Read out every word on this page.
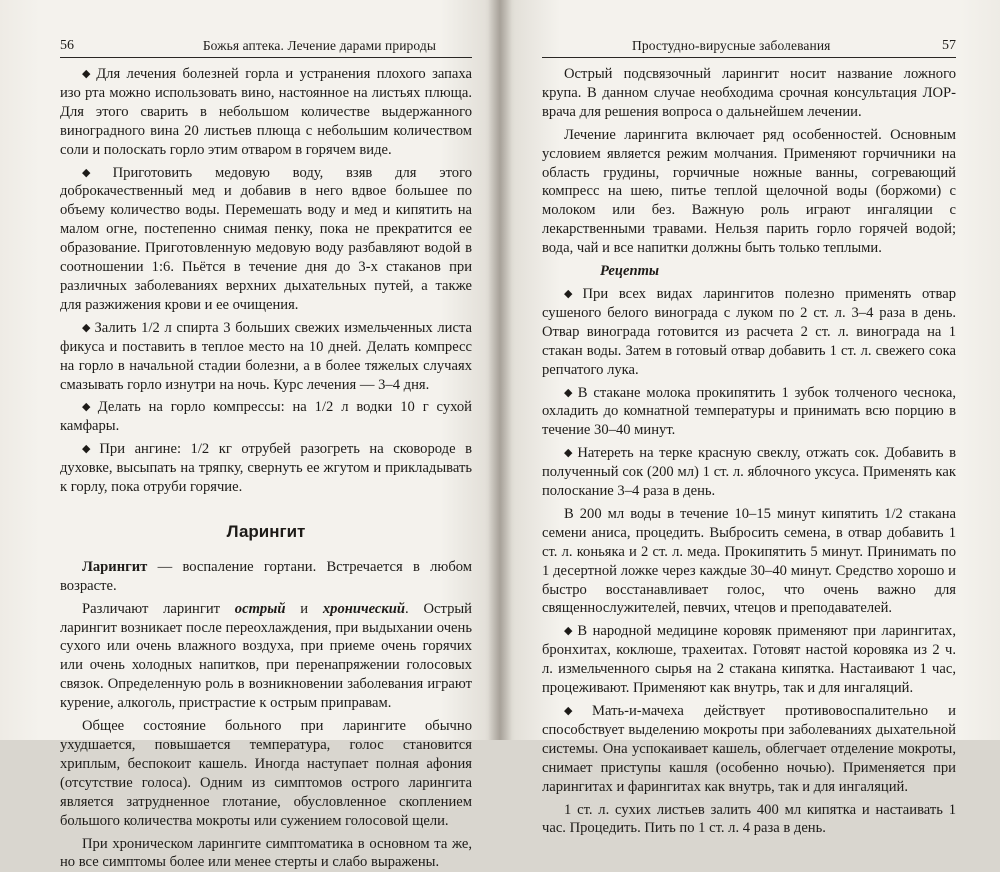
56	Божья аптека. Лечение дарами природы

◆ Для лечения болезней горла и устранения плохого запаха изо рта можно использовать вино, настоянное на листьях плюща. Для этого сварить в небольшом количестве выдержанного виноградного вина 20 листьев плюща с небольшим количеством соли и полоскать горло этим отваром в горячем виде.

◆ Приготовить медовую воду, взяв для этого доброкачественный мед и добавив в него вдвое большее по объему количество воды. Перемешать воду и мед и кипятить на малом огне, постепенно снимая пенку, пока не прекратится ее образование. Приготовленную медовую воду разбавляют водой в соотношении 1:6. Пьётся в течение дня до 3-х стаканов при различных заболеваниях верхних дыхательных путей, а также для разжижения крови и ее очищения.

◆ Залить 1/2 л спирта 3 больших свежих измельченных листа фикуса и поставить в теплое место на 10 дней. Делать компресс на горло в начальной стадии болезни, а в более тяжелых случаях смазывать горло изнутри на ночь. Курс лечения — 3–4 дня.

◆ Делать на горло компрессы: на 1/2 л водки 10 г сухой камфары.

◆ При ангине: 1/2 кг отрубей разогреть на сковороде в духовке, высыпать на тряпку, свернуть ее жгутом и прикладывать к горлу, пока отруби горячие.

Ларингит

Ларингит — воспаление гортани. Встречается в любом возрасте.

Различают ларингит острый и хронический. Острый ларингит возникает после переохлаждения, при выдыхании очень сухого или очень влажного воздуха, при приеме очень горячих или очень холодных напитков, при перенапряжении голосовых связок. Определенную роль в возникновении заболевания играют курение, алкоголь, пристрастие к острым приправам.

Общее состояние больного при ларингите обычно ухудшается, повышается температура, голос становится хриплым, беспокоит кашель. Иногда наступает полная афония (отсутствие голоса). Одним из симптомов острого ларингита является затрудненное глотание, обусловленное скоплением большого количества мокроты или сужением голосовой щели.

При хроническом ларингите симптоматика в основном та же, но все симптомы более или менее стерты и слабо выражены.

Простудно-вирусные заболевания	57

Острый подсвязочный ларингит носит название ложного крупа. В данном случае необходима срочная консультация ЛОР-врача для решения вопроса о дальнейшем лечении.

Лечение ларингита включает ряд особенностей. Основным условием является режим молчания. Применяют горчичники на область грудины, горчичные ножные ванны, согревающий компресс на шею, питье теплой щелочной воды (боржоми) с молоком или без. Важную роль играют ингаляции с лекарственными травами. Нельзя парить горло горячей водой; вода, чай и все напитки должны быть только теплыми.

Рецепты

◆ При всех видах ларингитов полезно применять отвар сушеного белого винограда с луком по 2 ст. л. 3–4 раза в день. Отвар винограда готовится из расчета 2 ст. л. винограда на 1 стакан воды. Затем в готовый отвар добавить 1 ст. л. свежего сока репчатого лука.

◆ В стакане молока прокипятить 1 зубок толченого чеснока, охладить до комнатной температуры и принимать всю порцию в течение 30–40 минут.

◆ Натереть на терке красную свеклу, отжать сок. Добавить в полученный сок (200 мл) 1 ст. л. яблочного уксуса. Применять как полоскание 3–4 раза в день.

В 200 мл воды в течение 10–15 минут кипятить 1/2 стакана семени аниса, процедить. Выбросить семена, в отвар добавить 1 ст. л. коньяка и 2 ст. л. меда. Прокипятить 5 минут. Принимать по 1 десертной ложке через каждые 30–40 минут. Средство хорошо и быстро восстанавливает голос, что очень важно для священнослужителей, певчих, чтецов и преподавателей.

◆ В народной медицине коровяк применяют при ларингитах, бронхитах, коклюше, трахеитах. Готовят настой коровяка из 2 ч. л. измельченного сырья на 2 стакана кипятка. Настаивают 1 час, процеживают. Применяют как внутрь, так и для ингаляций.

◆ Мать-и-мачеха действует противовоспалительно и способствует выделению мокроты при заболеваниях дыхательной системы. Она успокаивает кашель, облегчает отделение мокроты, снимает приступы кашля (особенно ночью). Применяется при ларингитах и фарингитах как внутрь, так и для ингаляций.

1 ст. л. сухих листьев залить 400 мл кипятка и настаивать 1 час. Процедить. Пить по 1 ст. л. 4 раза в день.
